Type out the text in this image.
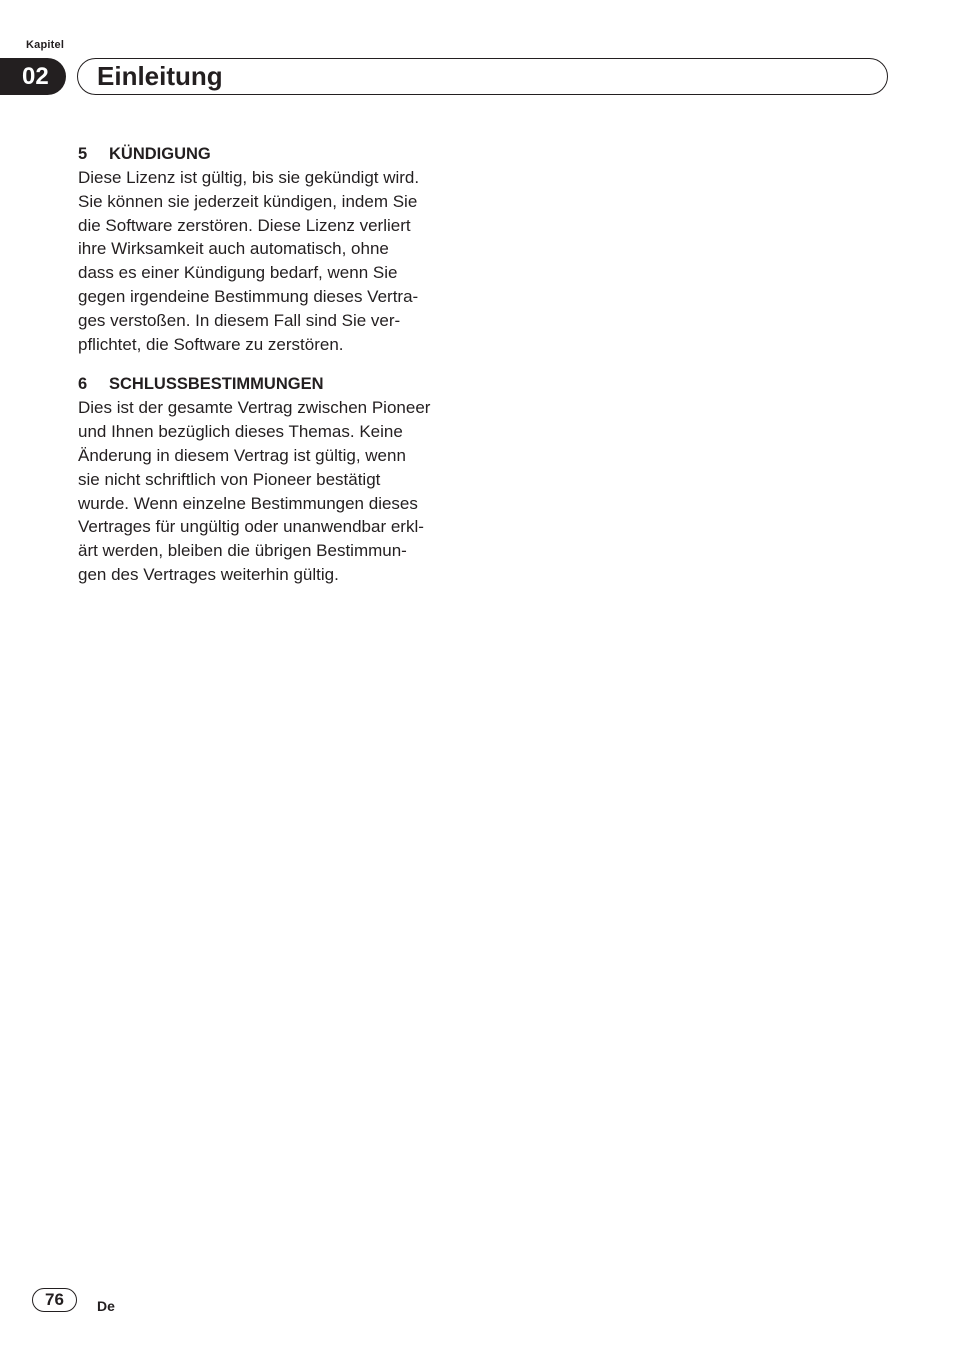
Kapitel
02	Einleitung
5 KÜNDIGUNG
Diese Lizenz ist gültig, bis sie gekündigt wird.
Sie können sie jederzeit kündigen, indem Sie
die Software zerstören. Diese Lizenz verliert
ihre Wirksamkeit auch automatisch, ohne
dass es einer Kündigung bedarf, wenn Sie
gegen irgendeine Bestimmung dieses Vertra-
ges verstoßen. In diesem Fall sind Sie ver-
pflichtet, die Software zu zerstören.
6 SCHLUSSBESTIMMUNGEN
Dies ist der gesamte Vertrag zwischen Pioneer
und Ihnen bezüglich dieses Themas. Keine
Änderung in diesem Vertrag ist gültig, wenn
sie nicht schriftlich von Pioneer bestätigt
wurde. Wenn einzelne Bestimmungen dieses
Vertrages für ungültig oder unanwendbar erkl-
ärt werden, bleiben die übrigen Bestimmun-
gen des Vertrages weiterhin gültig.
76	De
